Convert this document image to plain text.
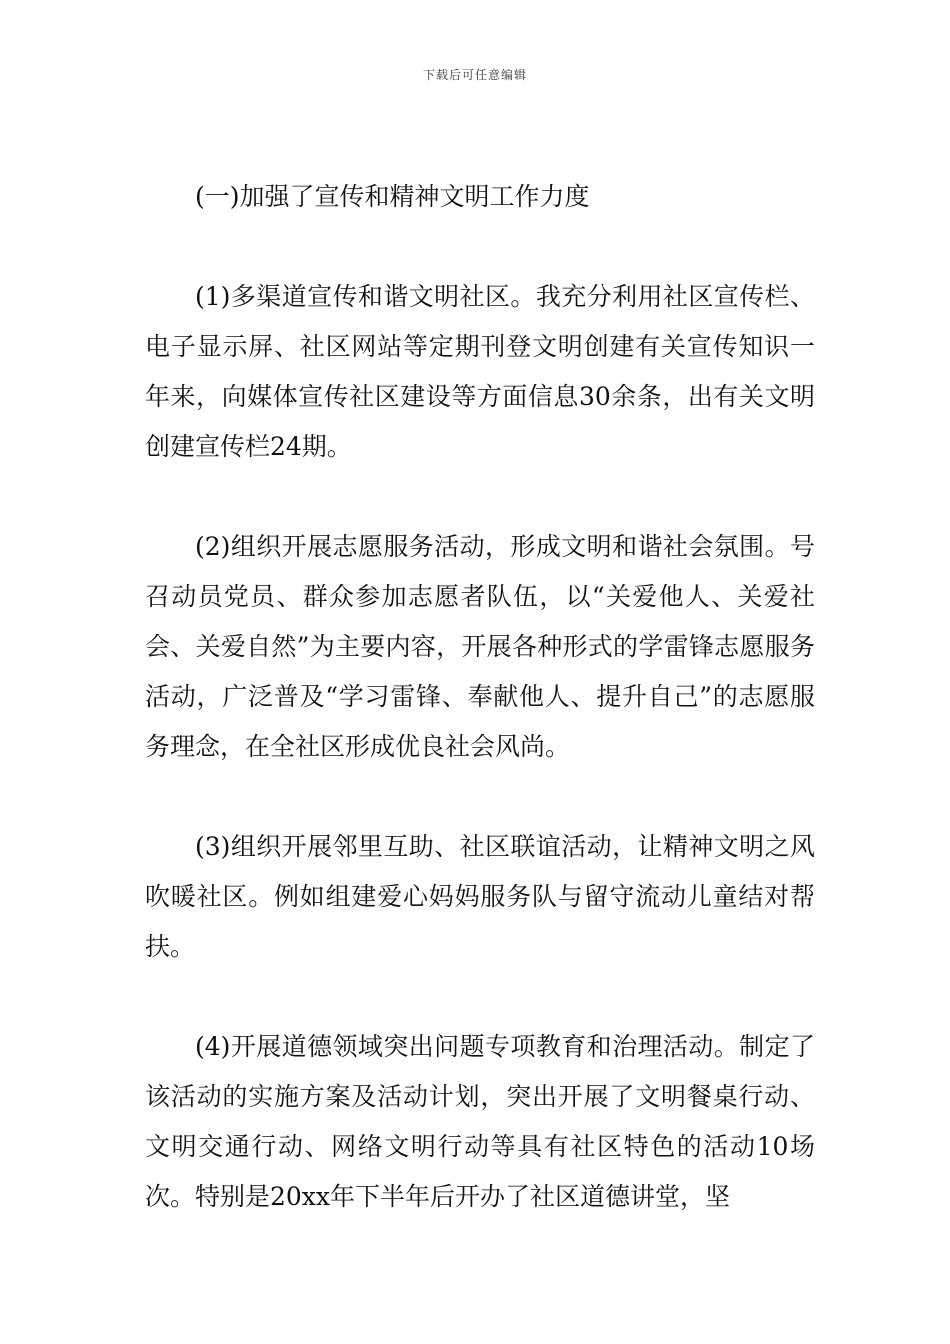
下载后可任意编辑
(一)加强了宣传和精神文明工作力度

(1)多渠道宣传和谐文明社区。我充分利用社区宣传栏、电子显示屏、社区网站等定期刊登文明创建有关宣传知识一年来，向媒体宣传社区建设等方面信息30余条，出有关文明创建宣传栏24期。

(2)组织开展志愿服务活动，形成文明和谐社会氛围。号召动员党员、群众参加志愿者队伍，以“关爱他人、关爱社会、关爱自然”为主要内容，开展各种形式的学雷锋志愿服务活动，广泛普及“学习雷锋、奉献他人、提升自己”的志愿服务理念，在全社区形成优良社会风尚。

(3)组织开展邻里互助、社区联谊活动，让精神文明之风吹暖社区。例如组建爱心妈妈服务队与留守流动儿童结对帮扶。

(4)开展道德领域突出问题专项教育和治理活动。制定了该活动的实施方案及活动计划，突出开展了文明餐桌行动、文明交通行动、网络文明行动等具有社区特色的活动10场次。特别是20xx年下半年后开办了社区道德讲堂，坚
